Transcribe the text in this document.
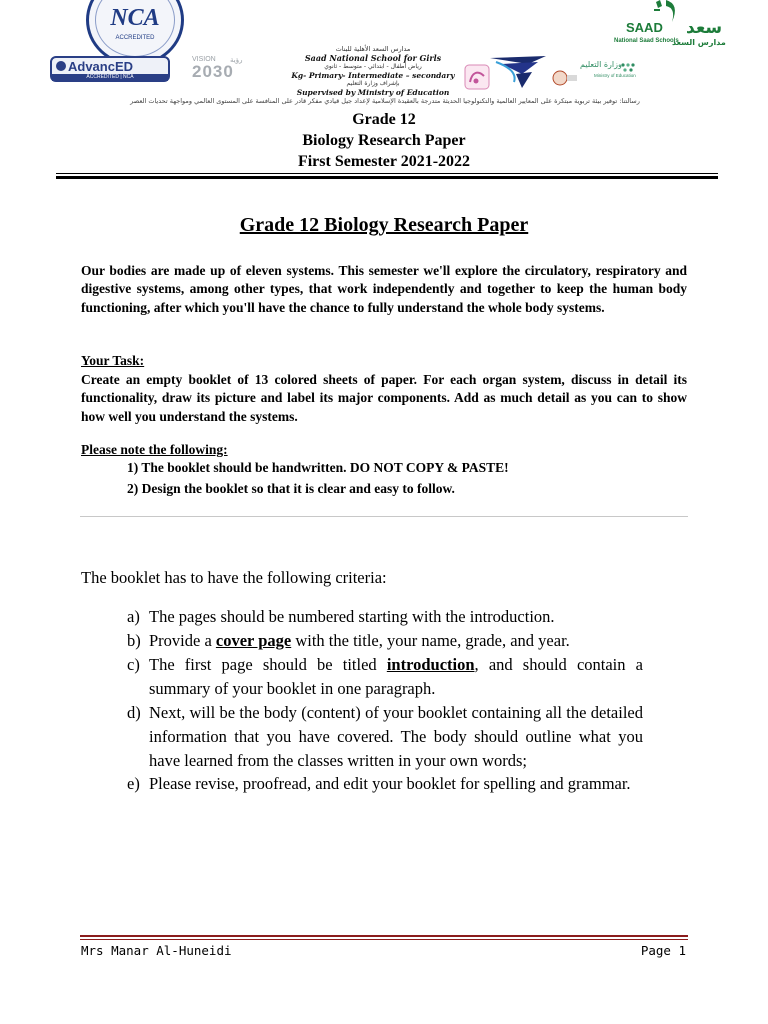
NCA
ACCREDITED
AdvancED
ACCREDITED | NCA
VISION رؤية
2030
مدارس السعد الأهلية للبنات
Saad National School for Girls
رياض أطفال - ابتدائي - متوسط - ثانوي
Kg- Primary- Intermediate – secondary
بإشراف وزارة التعليم
Supervised by Ministry of Education
وزارة التعليم
Ministry of Education
SAAD سعد
National Saad Schools
مدارس السعد
رسالتنا: توفير بيئة تربوية مبتكرة على المعايير العالمية والتكنولوجيا الحديثة متدرجة بالعقيدة الإسلامية لإعداد جيل قيادي مفكر قادر على المنافسة على المستوى العالمي ومواجهة تحديات العصر
Grade 12
Biology Research Paper
First Semester 2021-2022
Grade 12 Biology Research Paper
Our bodies are made up of eleven systems. This semester we'll explore the circulatory, respiratory and digestive systems, among other types, that work independently and together to keep the human body functioning, after which you'll have the chance to fully understand the whole body systems.
Your Task:
Create an empty booklet of 13 colored sheets of paper. For each organ system, discuss in detail its functionality, draw its picture and label its major components. Add as much detail as you can to show how well you understand the systems.
Please note the following:
1) The booklet should be handwritten. DO NOT COPY & PASTE!
2) Design the booklet so that it is clear and easy to follow.
The booklet has to have the following criteria:
a) The pages should be numbered starting with the introduction.
b) Provide a cover page with the title, your name, grade, and year.
c) The first page should be titled introduction, and should contain a summary of your booklet in one paragraph.
d) Next, will be the body (content) of your booklet containing all the detailed information that you have covered. The body should outline what you have learned from the classes written in your own words;
e) Please revise, proofread, and edit your booklet for spelling and grammar.
Mrs Manar Al-Huneidi	Page 1
